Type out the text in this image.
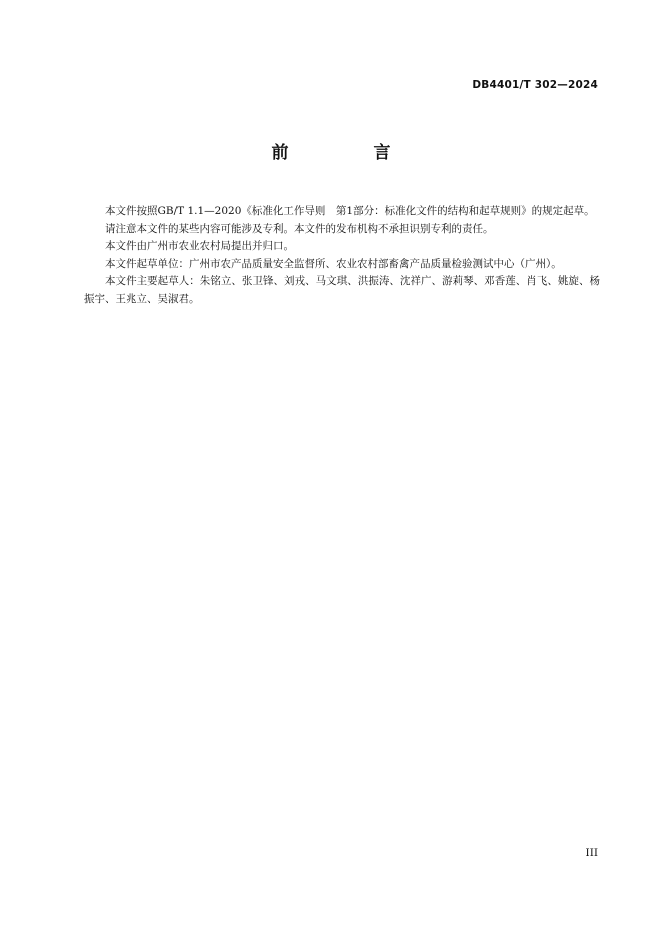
DB4401/T 302—2024
前　言

本文件按照GB/T 1.1—2020《标准化工作导则　第1部分：标准化文件的结构和起草规则》的规定起草。

请注意本文件的某些内容可能涉及专利。本文件的发布机构不承担识别专利的责任。

本文件由广州市农业农村局提出并归口。

本文件起草单位：广州市农产品质量安全监督所、农业农村部畜禽产品质量检验测试中心（广州）。

本文件主要起草人：朱铭立、张卫锋、刘戎、马文琪、洪振涛、沈祥广、游莉琴、邓香莲、肖飞、姚旋、杨振宇、王兆立、吴淑君。

III
